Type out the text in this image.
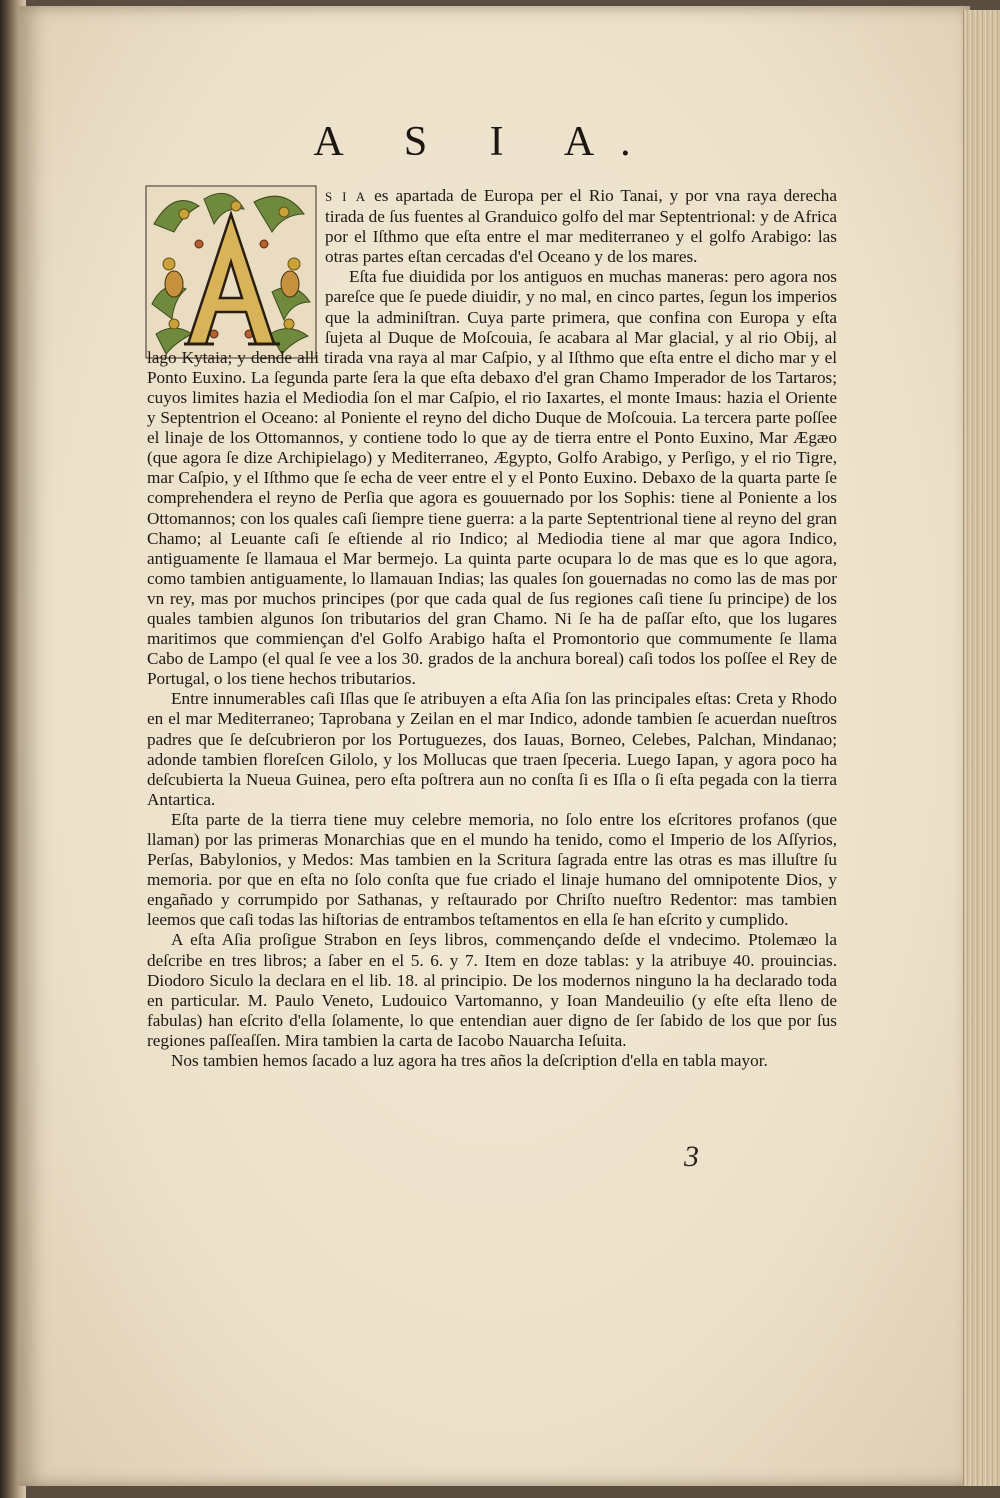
A S I A.

S I A es apartada de Europa per el Rio Tanai, y por vna raya derecha tirada de ſus fuentes al Granduico golfo del mar Septentrional: y de Africa por el Iſthmo que eſta entre el mar mediterraneo y el golfo Arabigo: las otras partes eſtan cercadas d'el Oceano y de los mares.

Eſta fue diuidida por los antiguos en muchas maneras: pero agora nos pareſce que ſe puede diuidir, y no mal, en cinco partes, ſegun los imperios que la adminiſtran. Cuya parte primera, que confina con Europa y eſta ſujeta al Duque de Moſcouia, ſe acabara al Mar glacial, y al rio Obij, al lago Kytaia; y dende alli tirada vna raya al mar Caſpio, y al Iſthmo que eſta entre el dicho mar y el Ponto Euxino. La ſegunda parte ſera la que eſta debaxo d'el gran Chamo Imperador de los Tartaros; cuyos limites hazia el Mediodia ſon el mar Caſpio, el rio Iaxartes, el monte Imaus: hazia el Oriente y Septentrion el Oceano: al Poniente el reyno del dicho Duque de Moſcouia. La tercera parte poſſee el linaje de los Ottomannos, y contiene todo lo que ay de tierra entre el Ponto Euxino, Mar Ægæo (que agora ſe dize Archipielago) y Mediterraneo, Ægypto, Golfo Arabigo, y Perſigo, y el rio Tigre, mar Caſpio, y el Iſthmo que ſe echa de veer entre el y el Ponto Euxino. Debaxo de la quarta parte ſe comprehendera el reyno de Perſia que agora es gouuernado por los Sophis: tiene al Poniente a los Ottomannos; con los quales caſi ſiempre tiene guerra: a la parte Septentrional tiene al reyno del gran Chamo; al Leuante caſi ſe eſtiende al rio Indico; al Mediodia tiene al mar que agora Indico, antiguamente ſe llamaua el Mar bermejo. La quinta parte ocupara lo de mas que es lo que agora, como tambien antiguamente, lo llamauan Indias; las quales ſon gouernadas no como las de mas por vn rey, mas por muchos principes (por que cada qual de ſus regiones caſi tiene ſu principe) de los quales tambien algunos ſon tributarios del gran Chamo. Ni ſe ha de paſſar eſto, que los lugares maritimos que commiençan d'el Golfo Arabigo haſta el Promontorio que commumente ſe llama Cabo de Lampo (el qual ſe vee a los 30. grados de la anchura boreal) caſi todos los poſſee el Rey de Portugal, o los tiene hechos tributarios.

Entre innumerables caſi Iſlas que ſe atribuyen a eſta Aſia ſon las principales eſtas: Creta y Rhodo en el mar Mediterraneo; Taprobana y Zeilan en el mar Indico, adonde tambien ſe acuerdan nueſtros padres que ſe deſcubrieron por los Portuguezes, dos Iauas, Borneo, Celebes, Palchan, Mindanao; adonde tambien floreſcen Gilolo, y los Mollucas que traen ſpeceria. Luego Iapan, y agora poco ha deſcubierta la Nueua Guinea, pero eſta poſtrera aun no conſta ſi es Iſla o ſi eſta pegada con la tierra Antartica.

Eſta parte de la tierra tiene muy celebre memoria, no ſolo entre los eſcritores profanos (que llaman) por las primeras Monarchias que en el mundo ha tenido, como el Imperio de los Aſſyrios, Perſas, Babylonios, y Medos: Mas tambien en la Scritura ſagrada entre las otras es mas illuſtre ſu memoria. por que en eſta no ſolo conſta que fue criado el linaje humano del omnipotente Dios, y engañado y corrumpido por Sathanas, y reſtaurado por Chriſto nueſtro Redentor: mas tambien leemos que caſi todas las hiſtorias de entrambos teſtamentos en ella ſe han eſcrito y cumplido.

A eſta Aſia proſigue Strabon en ſeys libros, commençando deſde el vndecimo. Ptolemæo la deſcribe en tres libros; a ſaber en el 5. 6. y 7. Item en doze tablas: y la atribuye 40. prouincias. Diodoro Siculo la declara en el lib. 18. al principio. De los modernos ninguno la ha declarado toda en particular. M. Paulo Veneto, Ludouico Vartomanno, y Ioan Mandeuilio (y eſte eſta lleno de fabulas) han eſcrito d'ella ſolamente, lo que entendian auer digno de ſer ſabido de los que por ſus regiones paſſeaſſen. Mira tambien la carta de Iacobo Nauarcha Ieſuita.

Nos tambien hemos ſacado a luz agora ha tres años la deſcription d'ella en tabla mayor.

3
